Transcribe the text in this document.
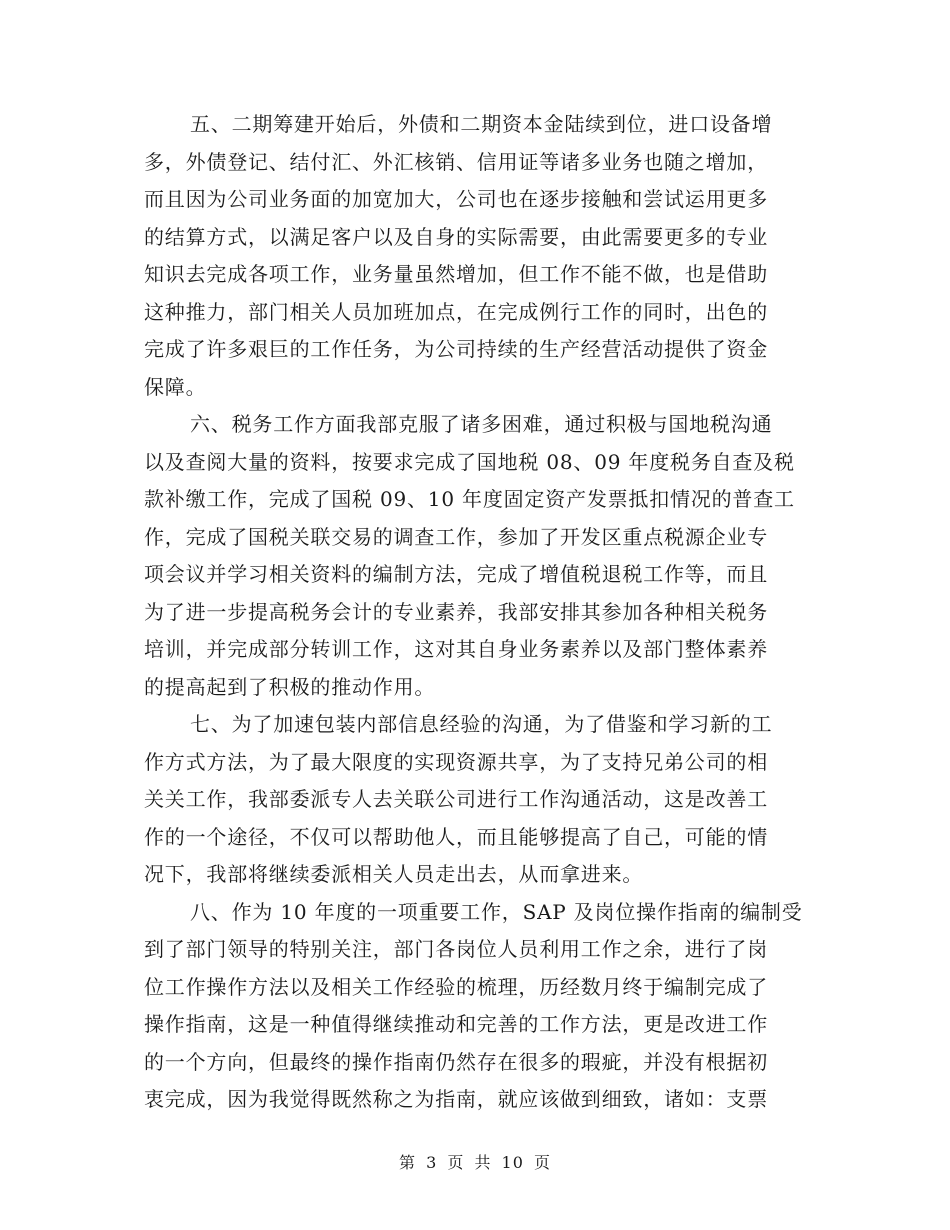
五、二期筹建开始后，外债和二期资本金陆续到位，进口设备增
多，外债登记、结付汇、外汇核销、信用证等诸多业务也随之增加，
而且因为公司业务面的加宽加大，公司也在逐步接触和尝试运用更多
的结算方式，以满足客户以及自身的实际需要，由此需要更多的专业
知识去完成各项工作，业务量虽然增加，但工作不能不做，也是借助
这种推力，部门相关人员加班加点，在完成例行工作的同时，出色的
完成了许多艰巨的工作任务，为公司持续的生产经营活动提供了资金
保障。

六、税务工作方面我部克服了诸多困难，通过积极与国地税沟通
以及查阅大量的资料，按要求完成了国地税 08、09 年度税务自查及税
款补缴工作，完成了国税 09、10 年度固定资产发票抵扣情况的普查工
作，完成了国税关联交易的调查工作，参加了开发区重点税源企业专
项会议并学习相关资料的编制方法，完成了增值税退税工作等，而且
为了进一步提高税务会计的专业素养，我部安排其参加各种相关税务
培训，并完成部分转训工作，这对其自身业务素养以及部门整体素养
的提高起到了积极的推动作用。

七、为了加速包装内部信息经验的沟通，为了借鉴和学习新的工
作方式方法，为了最大限度的实现资源共享，为了支持兄弟公司的相
关关工作，我部委派专人去关联公司进行工作沟通活动，这是改善工
作的一个途径，不仅可以帮助他人，而且能够提高了自己，可能的情
况下，我部将继续委派相关人员走出去，从而拿进来。

八、作为 10 年度的一项重要工作，SAP 及岗位操作指南的编制受
到了部门领导的特别关注，部门各岗位人员利用工作之余，进行了岗
位工作操作方法以及相关工作经验的梳理，历经数月终于编制完成了
操作指南，这是一种值得继续推动和完善的工作方法，更是改进工作
的一个方向，但最终的操作指南仍然存在很多的瑕疵，并没有根据初
衷完成，因为我觉得既然称之为指南，就应该做到细致，诸如：支票

第 3 页 共 10 页
